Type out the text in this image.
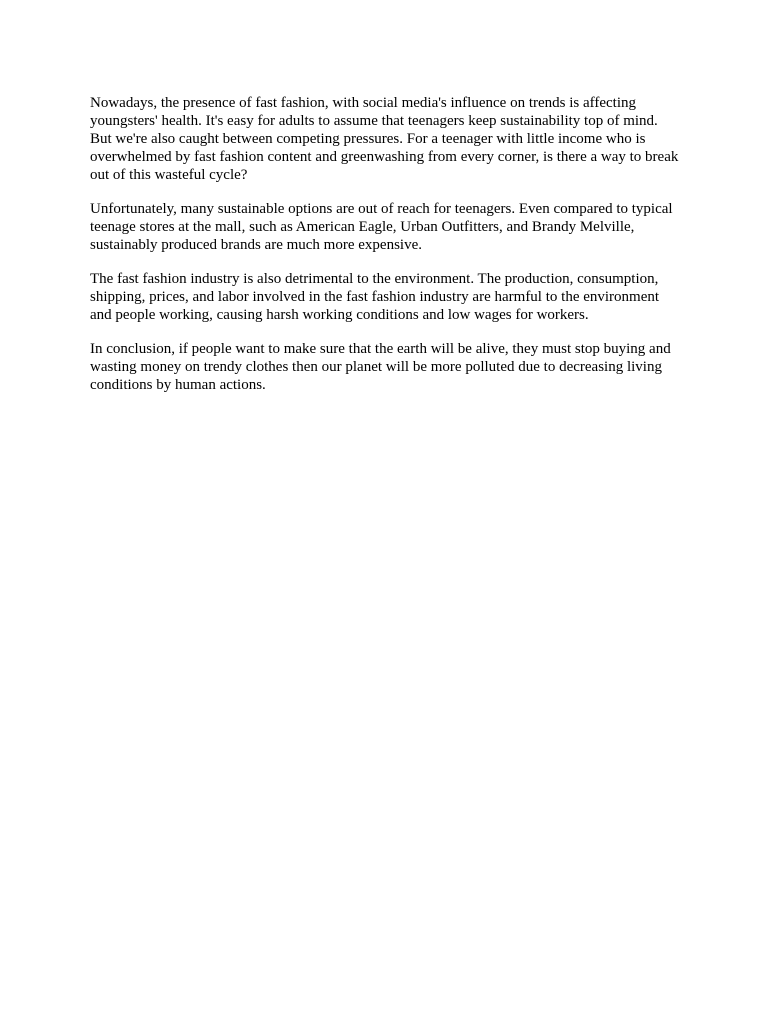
Nowadays, the presence of fast fashion, with social media's influence on trends is affecting youngsters' health. It's easy for adults to assume that teenagers keep sustainability top of mind. But we're also caught between competing pressures. For a teenager with little income who is overwhelmed by fast fashion content and greenwashing from every corner, is there a way to break out of this wasteful cycle?

Unfortunately, many sustainable options are out of reach for teenagers. Even compared to typical teenage stores at the mall, such as American Eagle, Urban Outfitters, and Brandy Melville, sustainably produced brands are much more expensive.

The fast fashion industry is also detrimental to the environment. The production, consumption, shipping, prices, and labor involved in the fast fashion industry are harmful to the environment and people working, causing harsh working conditions and low wages for workers.

In conclusion, if people want to make sure that the earth will be alive, they must stop buying and wasting money on trendy clothes then our planet will be more polluted due to decreasing living conditions by human actions.
